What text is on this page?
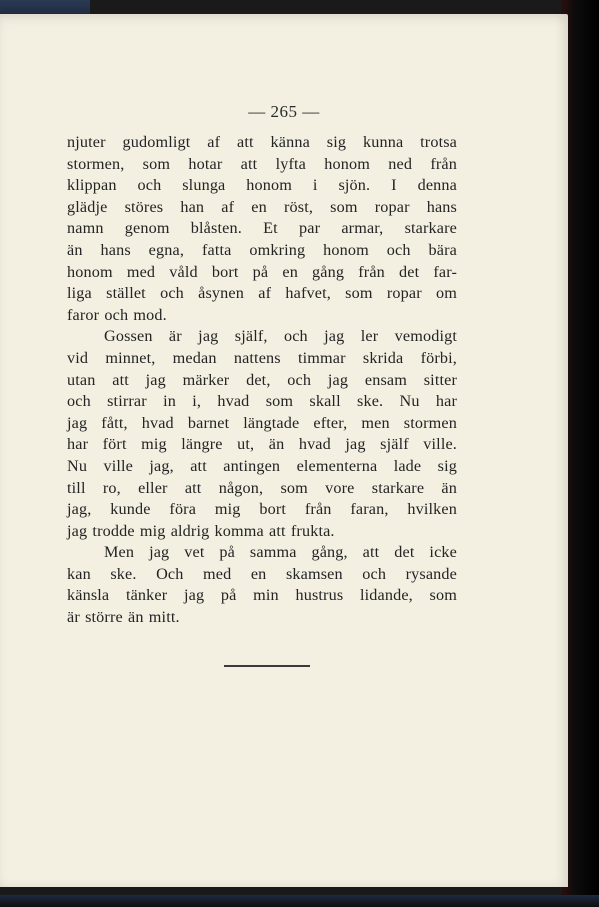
— 265 —
njuter gudomligt af att känna sig kunna trotsa
stormen, som hotar att lyfta honom ned från
klippan och slunga honom i sjön. I denna
glädje störes han af en röst, som ropar hans
namn genom blåsten. Et par armar, starkare
än hans egna, fatta omkring honom och bära
honom med våld bort på en gång från det far-
liga stället och åsynen af hafvet, som ropar om
faror och mod.
Gossen är jag själf, och jag ler vemodigt
vid minnet, medan nattens timmar skrida förbi,
utan att jag märker det, och jag ensam sitter
och stirrar in i, hvad som skall ske. Nu har
jag fått, hvad barnet längtade efter, men stormen
har fört mig längre ut, än hvad jag själf ville.
Nu ville jag, att antingen elementerna lade sig
till ro, eller att någon, som vore starkare än
jag, kunde föra mig bort från faran, hvilken
jag trodde mig aldrig komma att frukta.
Men jag vet på samma gång, att det icke
kan ske. Och med en skamsen och rysande
känsla tänker jag på min hustrus lidande, som
är större än mitt.
